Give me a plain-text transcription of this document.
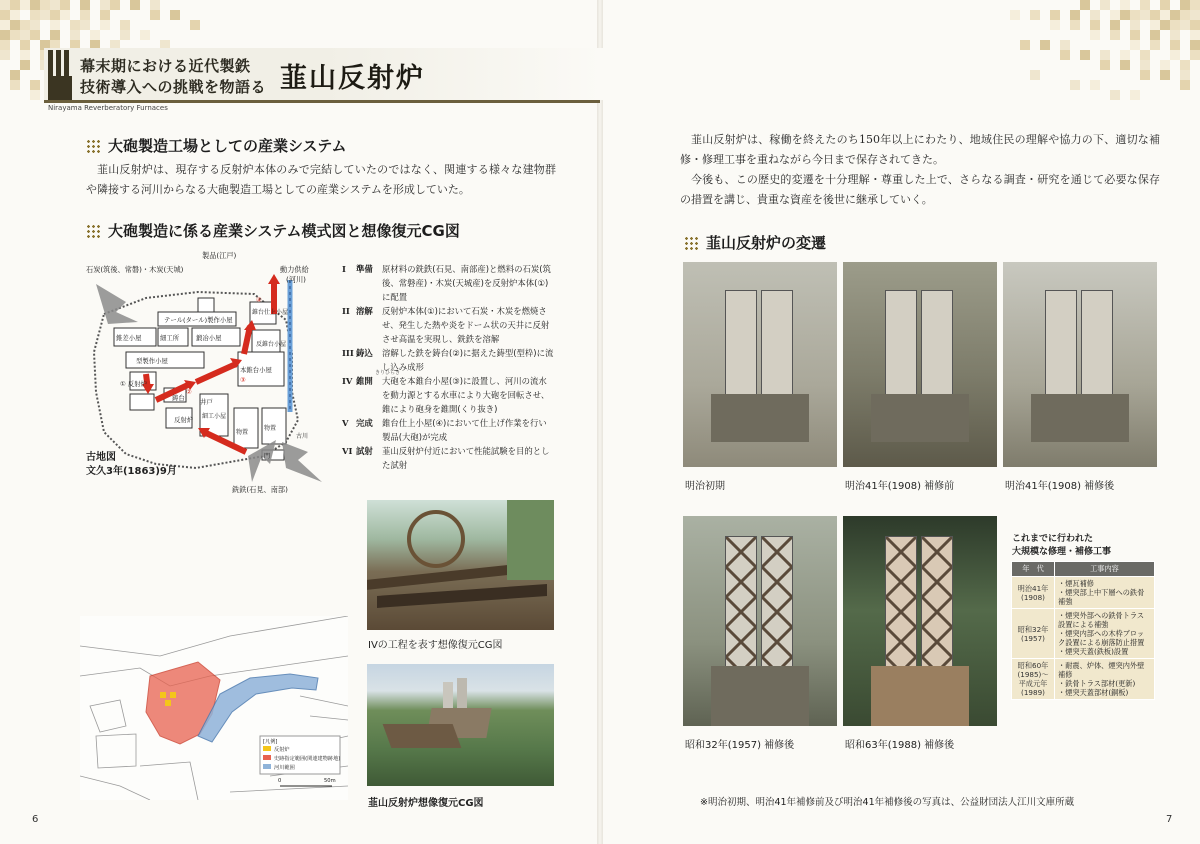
幕末期における近代製鉄
技術導入への挑戦を物語る 韮山反射炉
Nirayama Reverberatory Furnaces
大砲製造工場としての産業システム

韮山反射炉は、現存する反射炉本体のみで完結していたのではなく、関連する様々な建物群や隣接する河川からなる大砲製造工場としての産業システムを形成していた。

大砲製造に係る産業システム模式図と想像復元CG図
製品(江戸)
石炭(筑後、常磐)・木炭(天城)	動力供給
(河川)
テール(タール)製作小屋
錐差小屋	細工所	鍛冶小屋
型製作小屋
① 反射炉
鋳台 井戸
反射炉
本錐台小屋
錐台仕上小屋
反錐台小屋
細工小屋
物置
物置
門
古川
②
③
④
銑鉄(石見、南部)
古地図
文久3年(1863)9月
I	準備	原材料の銑鉄(石見、南部産)と燃料の石炭(筑後、常磐産)・木炭(天城産)を反射炉本体(①)に配置
II 溶解	反射炉本体(①)において石炭・木炭を燃焼させ、発生した熱や炎をドーム状の天井に反射させ高温を実現し、銑鉄を溶解
III 鋳込	溶解した鉄を鋳台(②)に据えた鋳型(型枠)に流し込み成形
IV 錐開	大砲を本錐台小屋(③)に設置し、河川の流水を動力源とする水車により大砲を回転させ、錐により砲身を錐開(くり抜き)
V 完成	錐台仕上小屋(④)において仕上げ作業を行い製品(大砲)が完成
VI 試射	韮山反射炉付近において性能試験を目的とした試射
きりひらき

[凡例]
反射炉
史跡指定範囲(関連建物跡地)
河川範囲
0	50m
IVの工程を表す想像復元CG図
韮山反射炉想像復元CG図
6

韮山反射炉は、稼働を終えたのち150年以上にわたり、地域住民の理解や協力の下、適切な補修・修理工事を重ねながら今日まで保存されてきた。

今後も、この歴史的変遷を十分理解・尊重した上で、さらなる調査・研究を通じて必要な保存の措置を講じ、貴重な資産を後世に継承していく。

韮山反射炉の変遷
明治初期	明治41年(1908) 補修前	明治41年(1908) 補修後
昭和32年(1957) 補修後	昭和63年(1988) 補修後
年　代	工事内容
明治41年(1908)	・煙瓦補修
・煙突部上中下層への鉄骨補強
昭和32年(1957)	・煙突外部への鉄骨トラス設置による補強
・煙突内部への木枠ブロック設置による崩落防止措置
・煙突天蓋(鉄板)設置
昭和60年(1985)〜平成元年(1989)	・耐震、炉体、煙突内外壁補修
・鉄骨トラス部材(更新)
・煙突天蓋部材(銅板)
これまでに行われた
大規模な修理・補修工事
※明治初期、明治41年補修前及び明治41年補修後の写真は、公益財団法人江川文庫所蔵
7
